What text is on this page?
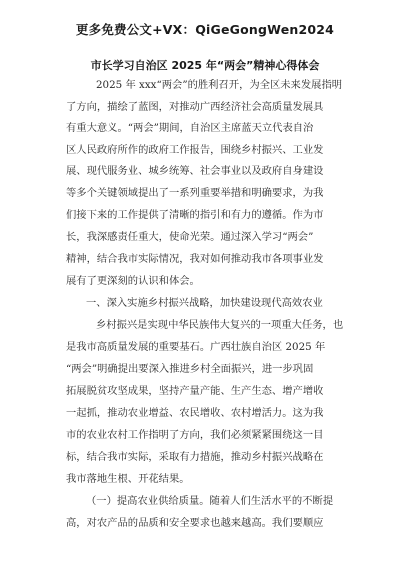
更多免费公文+VX：QiGeGongWen2024
市长学习自治区 2025 年“两会”精神心得体会
2025 年 xxx“两会”的胜利召开，为全区未来发展指明
了方向，描绘了蓝图，对推动广西经济社会高质量发展具
有重大意义。“两会”期间，自治区主席蓝天立代表自治
区人民政府所作的政府工作报告，围绕乡村振兴、工业发
展、现代服务业、城乡统筹、社会事业以及政府自身建设
等多个关键领域提出了一系列重要举措和明确要求，为我
们接下来的工作提供了清晰的指引和有力的遵循。作为市
长，我深感责任重大，使命光荣。通过深入学习“两会”
精神，结合我市实际情况，我对如何推动我市各项事业发
展有了更深刻的认识和体会。
一、深入实施乡村振兴战略，加快建设现代高效农业
乡村振兴是实现中华民族伟大复兴的一项重大任务，也
是我市高质量发展的重要基石。广西壮族自治区 2025 年
“两会”明确提出要深入推进乡村全面振兴，进一步巩固
拓展脱贫攻坚成果，坚持产量产能、生产生态、增产增收
一起抓，推动农业增益、农民增收、农村增活力。这为我
市的农业农村工作指明了方向，我们必须紧紧围绕这一目
标，结合我市实际，采取有力措施，推动乡村振兴战略在
我市落地生根、开花结果。
（一）提高农业供给质量。随着人们生活水平的不断提
高，对农产品的品质和安全要求也越来越高。我们要顺应
